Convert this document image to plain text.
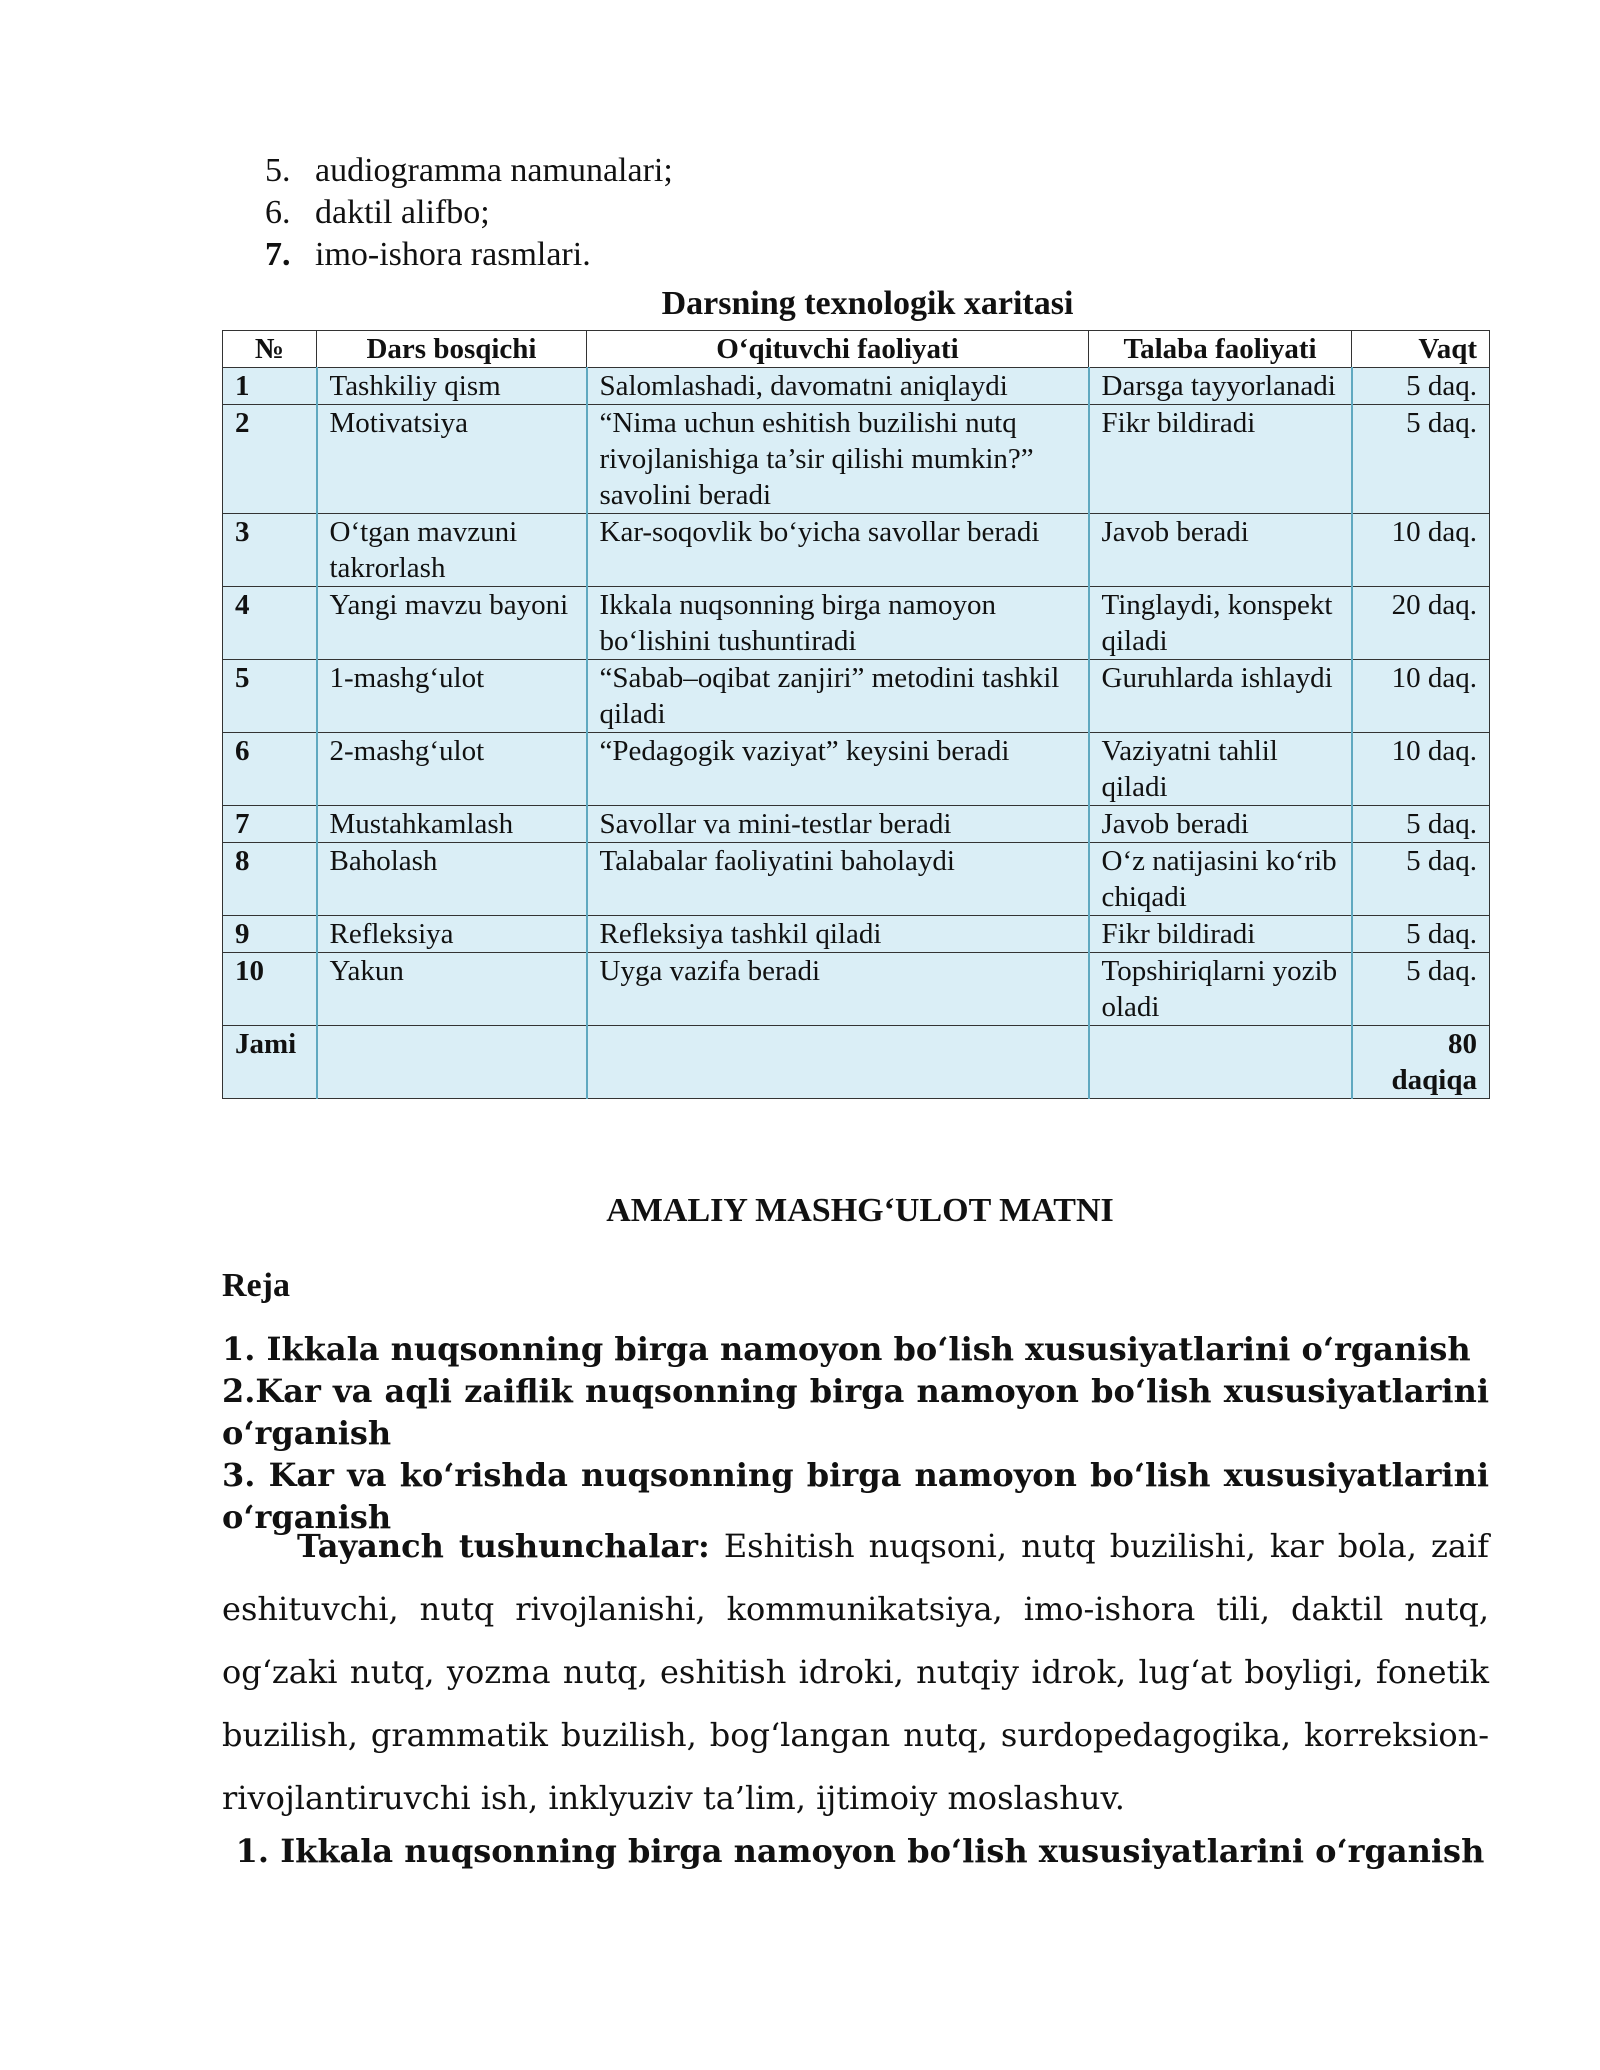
5. audiogramma namunalari;
6. daktil alifbo;
7. imo-ishora rasmlari.
Darsning texnologik xaritasi
№	Dars bosqichi	O‘qituvchi faoliyati	Talaba faoliyati	Vaqt
1	Tashkiliy qism	Salomlashadi, davomatni aniqlaydi	Darsga tayyorlanadi	5 daq.
2	Motivatsiya	“Nima uchun eshitish buzilishi nutq rivojlanishiga ta’sir qilishi mumkin?” savolini beradi	Fikr bildiradi	5 daq.
3	O‘tgan mavzuni takrorlash	Kar-soqovlik bo‘yicha savollar beradi	Javob beradi	10 daq.
4	Yangi mavzu bayoni	Ikkala nuqsonning birga namoyon bo‘lishini tushuntiradi	Tinglaydi, konspekt qiladi	20 daq.
5	1-mashg‘ulot	“Sabab–oqibat zanjiri” metodini tashkil qiladi	Guruhlarda ishlaydi	10 daq.
6	2-mashg‘ulot	“Pedagogik vaziyat” keysini beradi	Vaziyatni tahlil qiladi	10 daq.
7	Mustahkamlash	Savollar va mini-testlar beradi	Javob beradi	5 daq.
8	Baholash	Talabalar faoliyatini baholaydi	O‘z natijasini ko‘rib chiqadi	5 daq.
9	Refleksiya	Refleksiya tashkil qiladi	Fikr bildiradi	5 daq.
10	Yakun	Uyga vazifa beradi	Topshiriqlarni yozib oladi	5 daq.
Jami				80 daqiqa
AMALIY MASHG‘ULOT MATNI
Reja

1. Ikkala nuqsonning birga namoyon bo‘lish xususiyatlarini o‘rganish

2.Kar va aqli zaiflik nuqsonning birga namoyon bo‘lish xususiyatlarini o‘rganish

3. Kar va ko‘rishda nuqsonning birga namoyon bo‘lish xususiyatlarini o‘rganish

Tayanch tushunchalar: Eshitish nuqsoni, nutq buzilishi, kar bola, zaif eshituvchi, nutq rivojlanishi, kommunikatsiya, imo-ishora tili, daktil nutq, og‘zaki nutq, yozma nutq, eshitish idroki, nutqiy idrok, lug‘at boyligi, fonetik buzilish, grammatik buzilish, bog‘langan nutq, surdopedagogika, korreksion-rivojlantiruvchi ish, inklyuziv ta’lim, ijtimoiy moslashuv.

1. Ikkala nuqsonning birga namoyon bo‘lish xususiyatlarini o‘rganish
